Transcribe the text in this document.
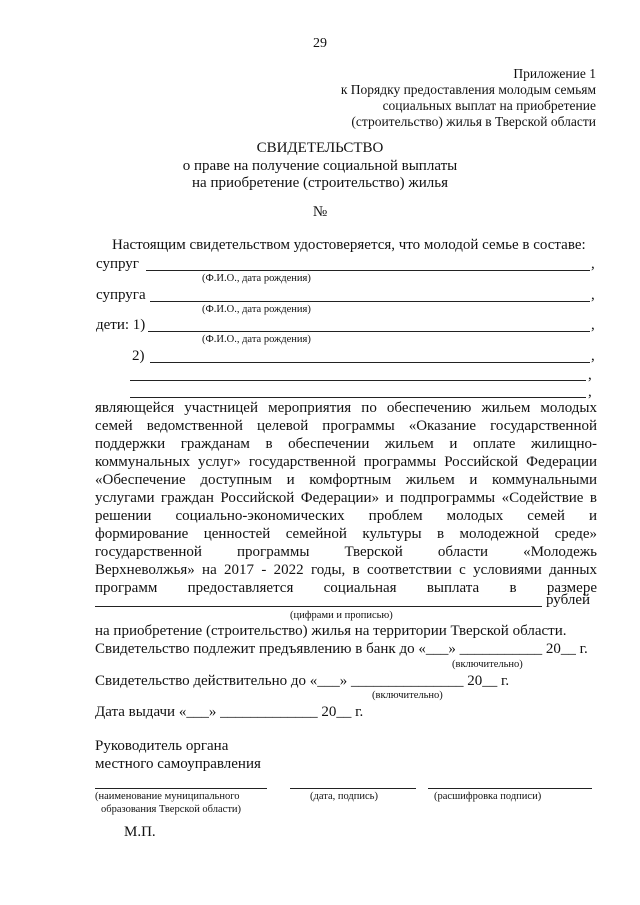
29
Приложение 1
к Порядку предоставления молодым семьям
социальных выплат на приобретение
(строительство) жилья в Тверской области
СВИДЕТЕЛЬСТВО
о праве на получение социальной выплаты
на приобретение (строительство) жилья
№
Настоящим свидетельством удостоверяется, что молодой семье в составе:
супруг	,
(Ф.И.О., дата рождения)
супруга	,
(Ф.И.О., дата рождения)
дети: 1)	,
(Ф.И.О., дата рождения)
2)	,
,
,
являющейся участницей мероприятия по обеспечению жильем молодых
семей ведомственной целевой программы «Оказание государственной
поддержки гражданам в обеспечении жильем и оплате жилищно-
коммунальных услуг» государственной программы Российской Федерации
«Обеспечение доступным и комфортным жильем и коммунальными
услугами граждан Российской Федерации» и подпрограммы «Содействие в
решении социально-экономических проблем молодых семей и
формирование ценностей семейной культуры в молодежной среде»
государственной программы Тверской области «Молодежь
Верхневолжья» на 2017 - 2022 годы, в соответствии с условиями данных
программ предоставляется социальная выплата в размере
рублей
(цифрами и прописью)
на приобретение (строительство) жилья на территории Тверской области.
Свидетельство подлежит предъявлению в банк до «___» ___________ 20__ г.
(включительно)
Свидетельство действительно до «___» _______________ 20__ г.
(включительно)
Дата выдачи «___» _____________ 20__ г.
Руководитель органа
местного самоуправления
(наименование муниципального
образования Тверской области)
(дата, подпись)	(расшифровка подписи)
М.П.
